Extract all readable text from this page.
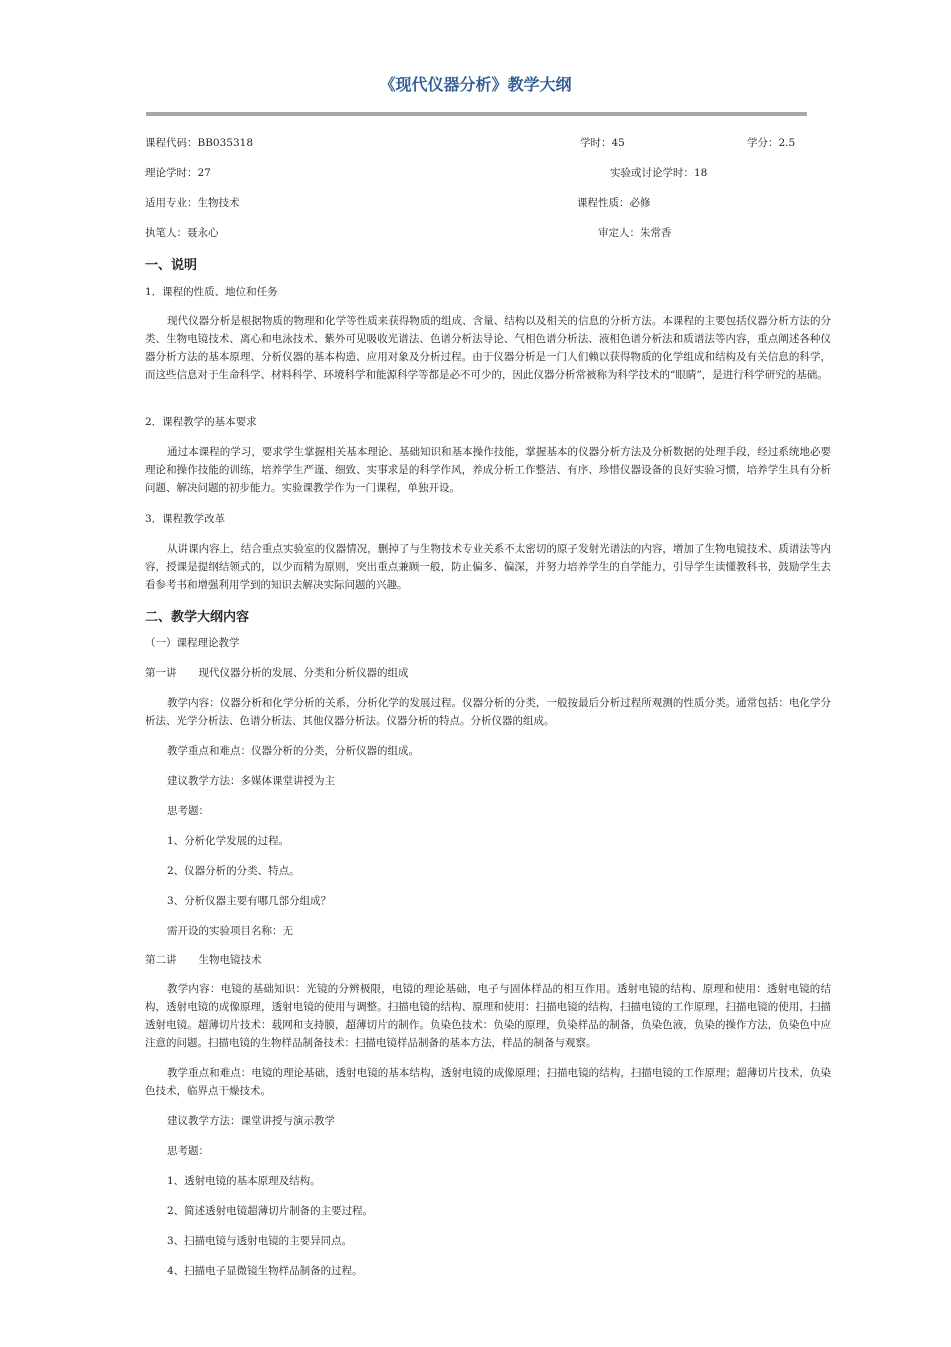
《现代仪器分析》教学大纲
课程代码：BB035318	学时：45	学分：2.5
理论学时：27	实验或讨论学时：18
适用专业：生物技术	课程性质：必修
执笔人：聂永心	审定人：朱常香
一、说明
1．课程的性质、地位和任务
现代仪器分析是根据物质的物理和化学等性质来获得物质的组成、含量、结构以及相关的信息的分析方法。本课程的主要包括仪器分析方法的分类、生物电镜技术、离心和电泳技术、紫外可见吸收光谱法、色谱分析法导论、气相色谱分析法、液相色谱分析法和质谱法等内容，重点阐述各种仪器分析方法的基本原理、分析仪器的基本构造、应用对象及分析过程。由于仪器分析是一门人们赖以获得物质的化学组成和结构及有关信息的科学，而这些信息对于生命科学、材料科学、环境科学和能源科学等都是必不可少的，因此仪器分析常被称为科学技术的“眼睛”，是进行科学研究的基础。
2．课程教学的基本要求
通过本课程的学习，要求学生掌握相关基本理论、基础知识和基本操作技能，掌握基本的仪器分析方法及分析数据的处理手段，经过系统地必要理论和操作技能的训练，培养学生严谨、细致、实事求是的科学作风，养成分析工作整洁、有序、珍惜仪器设备的良好实验习惯，培养学生具有分析问题、解决问题的初步能力。实验课教学作为一门课程，单独开设。
3．课程教学改革
从讲课内容上，结合重点实验室的仪器情况，删掉了与生物技术专业关系不太密切的原子发射光谱法的内容，增加了生物电镜技术、质谱法等内容，授课是提纲结领式的，以少而精为原则，突出重点兼顾一般，防止偏多、偏深，并努力培养学生的自学能力，引导学生读懂教科书，鼓励学生去看参考书和增强利用学到的知识去解决实际问题的兴趣。
二、教学大纲内容
（一）课程理论教学
第一讲 现代仪器分析的发展、分类和分析仪器的组成
教学内容：仪器分析和化学分析的关系，分析化学的发展过程。仪器分析的分类，一般按最后分析过程所观测的性质分类。通常包括：电化学分析法、光学分析法、色谱分析法、其他仪器分析法。仪器分析的特点。分析仪器的组成。
教学重点和难点：仪器分析的分类，分析仪器的组成。
建议教学方法：多媒体课堂讲授为主
思考题：
1、分析化学发展的过程。
2、仪器分析的分类、特点。
3、分析仪器主要有哪几部分组成？
需开设的实验项目名称：无
第二讲 生物电镜技术
教学内容：电镜的基础知识：光镜的分辨极限，电镜的理论基础，电子与固体样品的相互作用。透射电镜的结构、原理和使用：透射电镜的结构，透射电镜的成像原理，透射电镜的使用与调整。扫描电镜的结构、原理和使用：扫描电镜的结构，扫描电镜的工作原理，扫描电镜的使用，扫描透射电镜。超薄切片技术：载网和支持膜，超薄切片的制作。负染色技术：负染的原理，负染样品的制备，负染色液，负染的操作方法，负染色中应注意的问题。扫描电镜的生物样品制备技术：扫描电镜样品制备的基本方法，样品的制备与观察。
教学重点和难点：电镜的理论基础，透射电镜的基本结构，透射电镜的成像原理；扫描电镜的结构，扫描电镜的工作原理；超薄切片技术，负染色技术，临界点干燥技术。
建议教学方法：课堂讲授与演示教学
思考题：
1、透射电镜的基本原理及结构。
2、简述透射电镜超薄切片制备的主要过程。
3、扫描电镜与透射电镜的主要异同点。
4、扫描电子显微镜生物样品制备的过程。
